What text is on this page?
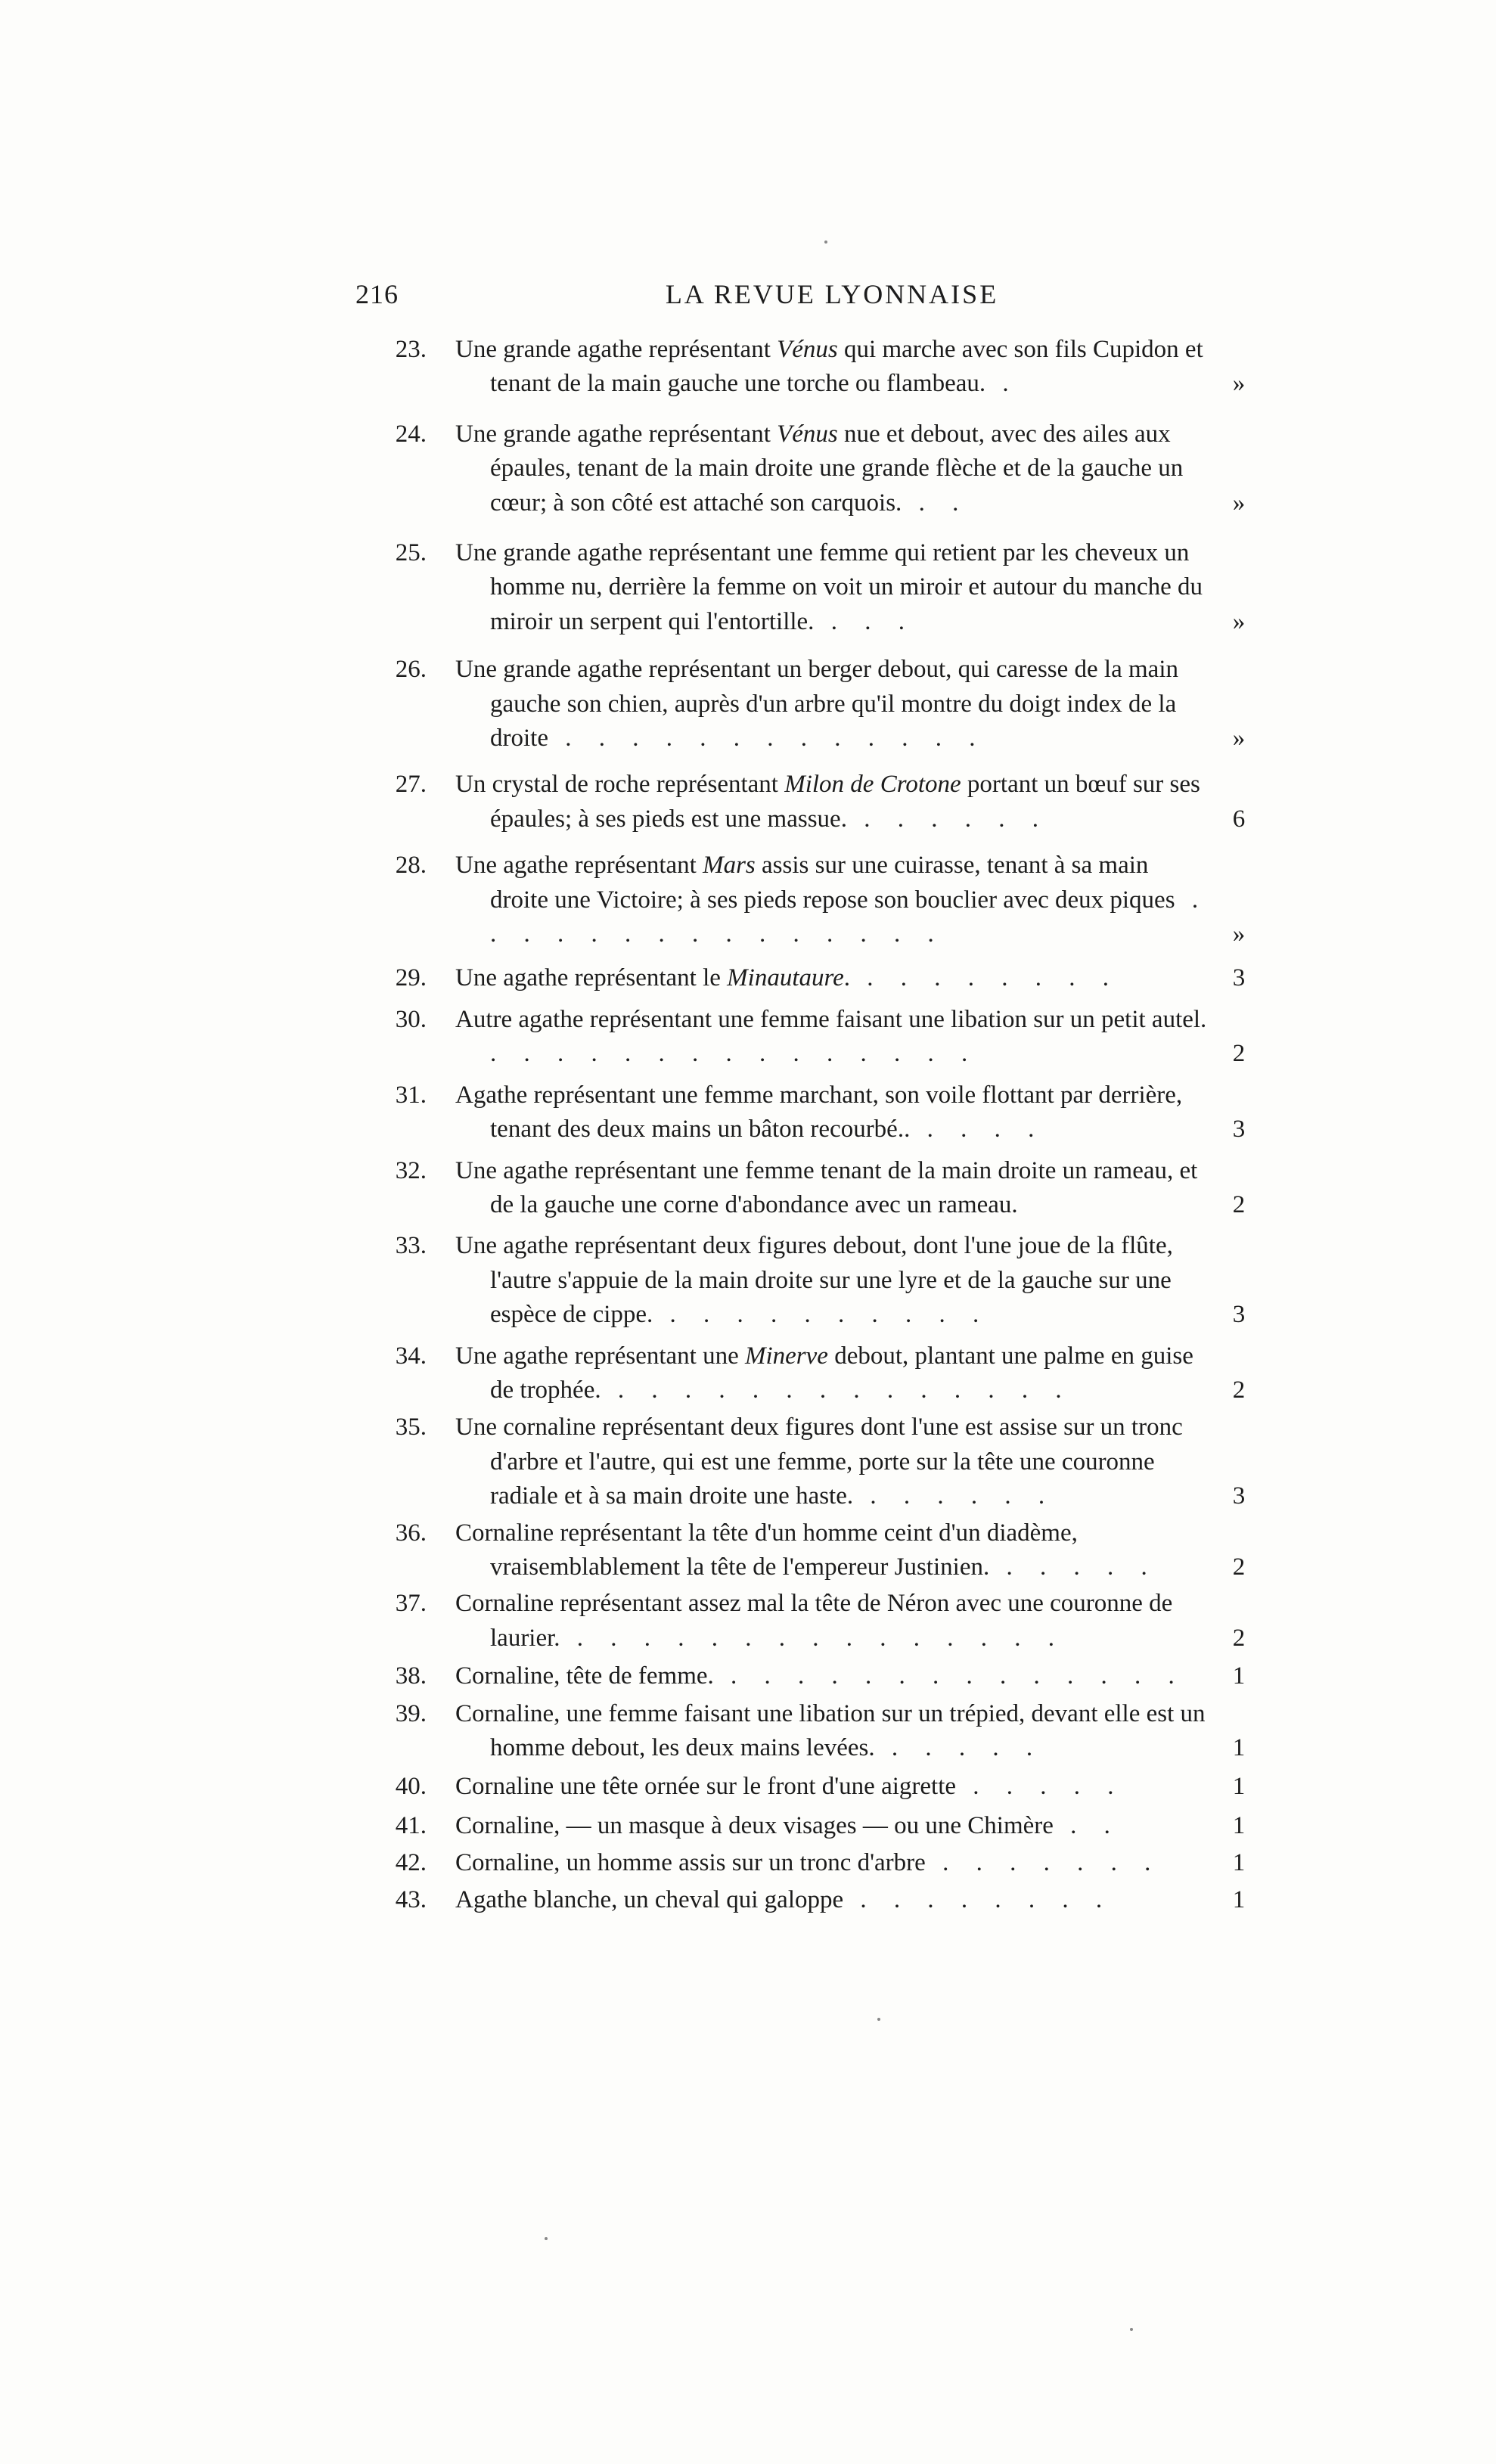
216	LA REVUE LYONNAISE
23. Une grande agathe représentant Vénus qui marche avec son fils Cupidon et tenant de la main gauche une torche ou flambeau. .	»
24. Une grande agathe représentant Vénus nue et debout, avec des ailes aux épaules, tenant de la main droite une grande flèche et de la gauche un cœur; à son côté est attaché son carquois. . .	»
25. Une grande agathe représentant une femme qui retient par les cheveux un homme nu, derrière la femme on voit un miroir et autour du manche du miroir un serpent qui l'entortille. . . .	»
26. Une grande agathe représentant un berger debout, qui caresse de la main gauche son chien, auprès d'un arbre qu'il montre du doigt index de la droite . . . . . . . . . . . . .	»
27. Un crystal de roche représentant Milon de Crotone portant un bœuf sur ses épaules; à ses pieds est une massue. . . . . . .	6
28. Une agathe représentant Mars assis sur une cuirasse, tenant à sa main droite une Victoire; à ses pieds repose son bouclier avec deux piques . . . . . . . . . . . . . . .	»
29. Une agathe représentant le Minautaure. . . . . . . . .	3
30. Autre agathe représentant une femme faisant une libation sur un petit autel. . . . . . . . . . . . . . . .	2
31. Agathe représentant une femme marchant, son voile flottant par derrière, tenant des deux mains un bâton recourbé.. . . . .	3
32. Une agathe représentant une femme tenant de la main droite un rameau, et de la gauche une corne d'abondance avec un rameau.	2
33. Une agathe représentant deux figures debout, dont l'une joue de la flûte, l'autre s'appuie de la main droite sur une lyre et de la gauche sur une espèce de cippe. . . . . . . . . . .	3
34. Une agathe représentant une Minerve debout, plantant une palme en guise de trophée. . . . . . . . . . . . . . .	2
35. Une cornaline représentant deux figures dont l'une est assise sur un tronc d'arbre et l'autre, qui est une femme, porte sur la tête une couronne radiale et à sa main droite une haste. . . . . . .	3
36. Cornaline représentant la tête d'un homme ceint d'un diadème, vraisemblablement la tête de l'empereur Justinien. . . . . .	2
37. Cornaline représentant assez mal la tête de Néron avec une couronne de laurier. . . . . . . . . . . . . . . .	2
38. Cornaline, tête de femme. . . . . . . . . . . . . . .	1
39. Cornaline, une femme faisant une libation sur un trépied, devant elle est un homme debout, les deux mains levées. . . . . .	1
40. Cornaline une tête ornée sur le front d'une aigrette . . . . .	1
41. Cornaline, — un masque à deux visages — ou une Chimère . .	1
42. Cornaline, un homme assis sur un tronc d'arbre . . . . . . .	1
43. Agathe blanche, un cheval qui galoppe . . . . . . . .	1
